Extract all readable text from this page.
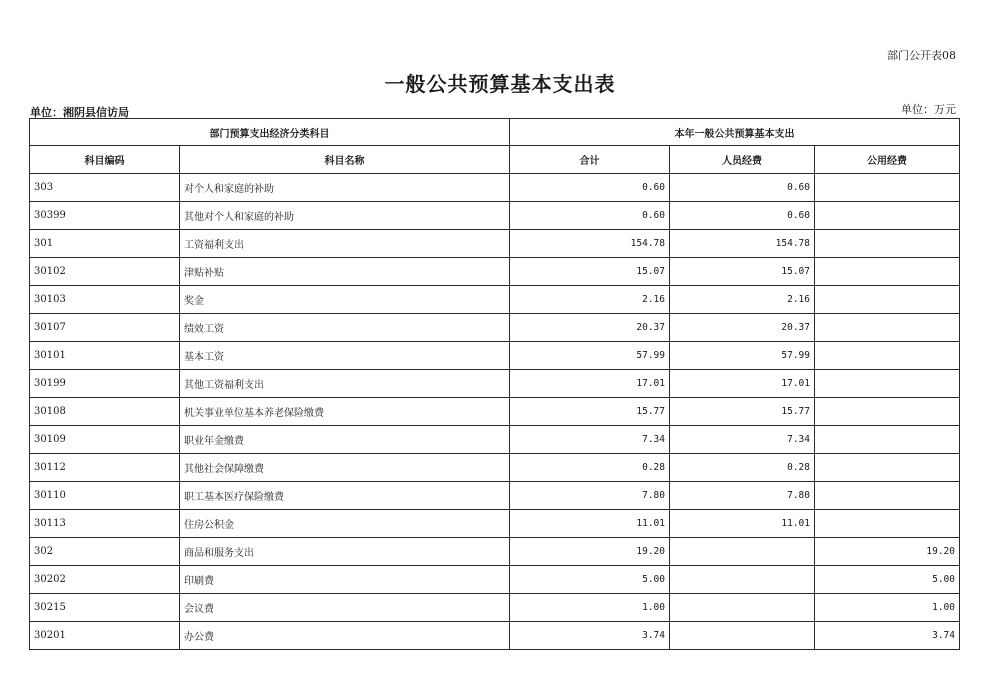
部门公开表08
一般公共预算基本支出表
单位：湘阴县信访局	单位：万元
部门预算支出经济分类科目		本年一般公共预算基本支出		
科目编码	科目名称	合计	人员经费	公用经费
303	对个人和家庭的补助	0.60	0.60	
30399	其他对个人和家庭的补助	0.60	0.60	
301	工资福利支出	154.78	154.78	
30102	津贴补贴	15.07	15.07	
30103	奖金	2.16	2.16	
30107	绩效工资	20.37	20.37	
30101	基本工资	57.99	57.99	
30199	其他工资福利支出	17.01	17.01	
30108	机关事业单位基本养老保险缴费	15.77	15.77	
30109	职业年金缴费	7.34	7.34	
30112	其他社会保障缴费	0.28	0.28	
30110	职工基本医疗保险缴费	7.80	7.80	
30113	住房公积金	11.01	11.01	
302	商品和服务支出	19.20		19.20
30202	印刷费	5.00		5.00
30215	会议费	1.00		1.00
30201	办公费	3.74		3.74
